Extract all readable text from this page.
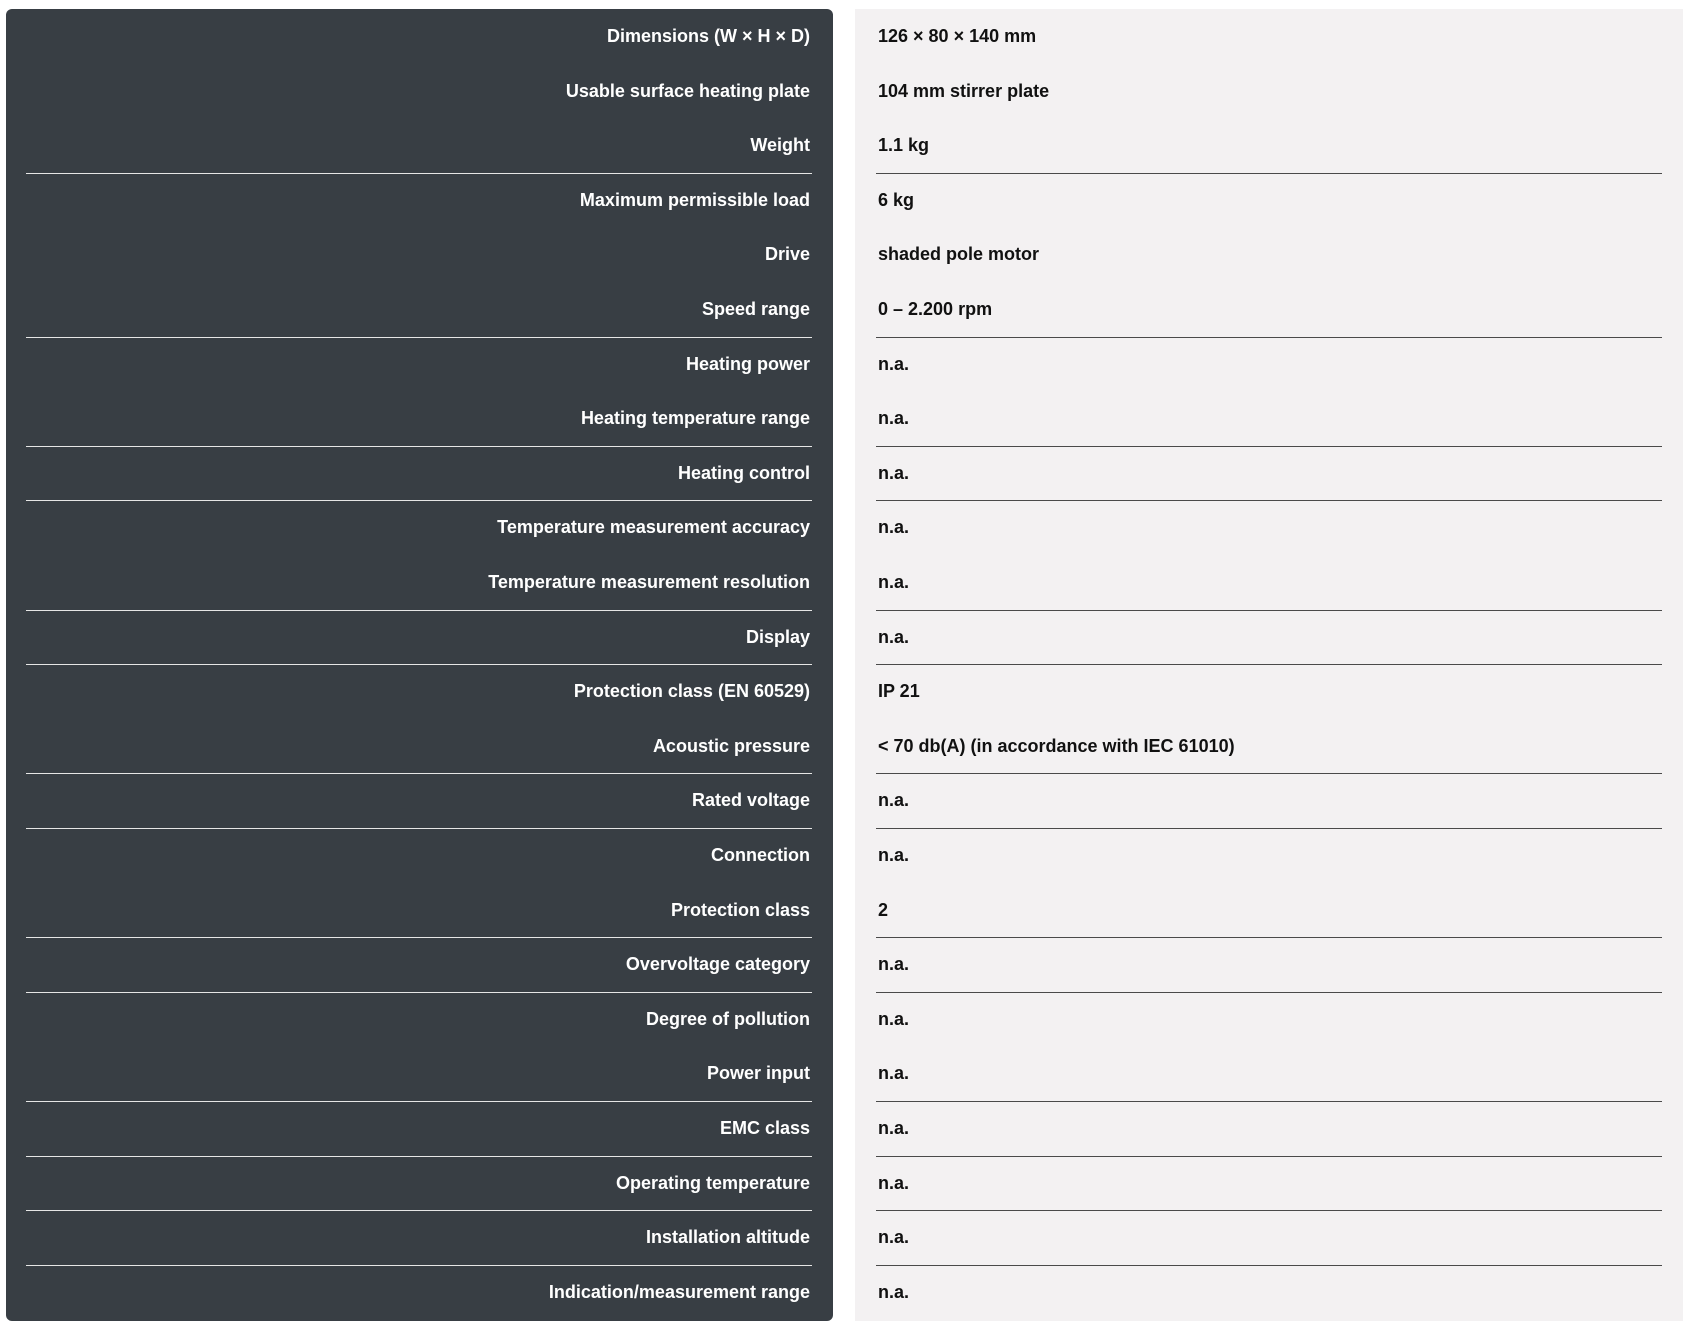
Dimensions (W × H × D)	126 × 80 × 140 mm
Usable surface heating plate	104 mm stirrer plate
Weight	1.1 kg
Maximum permissible load	6 kg
Drive	shaded pole motor
Speed range	0 – 2.200 rpm
Heating power	n.a.
Heating temperature range	n.a.
Heating control	n.a.
Temperature measurement accuracy	n.a.
Temperature measurement resolution	n.a.
Display	n.a.
Protection class (EN 60529)	IP 21
Acoustic pressure	< 70 db(A) (in accordance with IEC 61010)
Rated voltage	n.a.
Connection	n.a.
Protection class	2
Overvoltage category	n.a.
Degree of pollution	n.a.
Power input	n.a.
EMC class	n.a.
Operating temperature	n.a.
Installation altitude	n.a.
Indication/measurement range	n.a.
